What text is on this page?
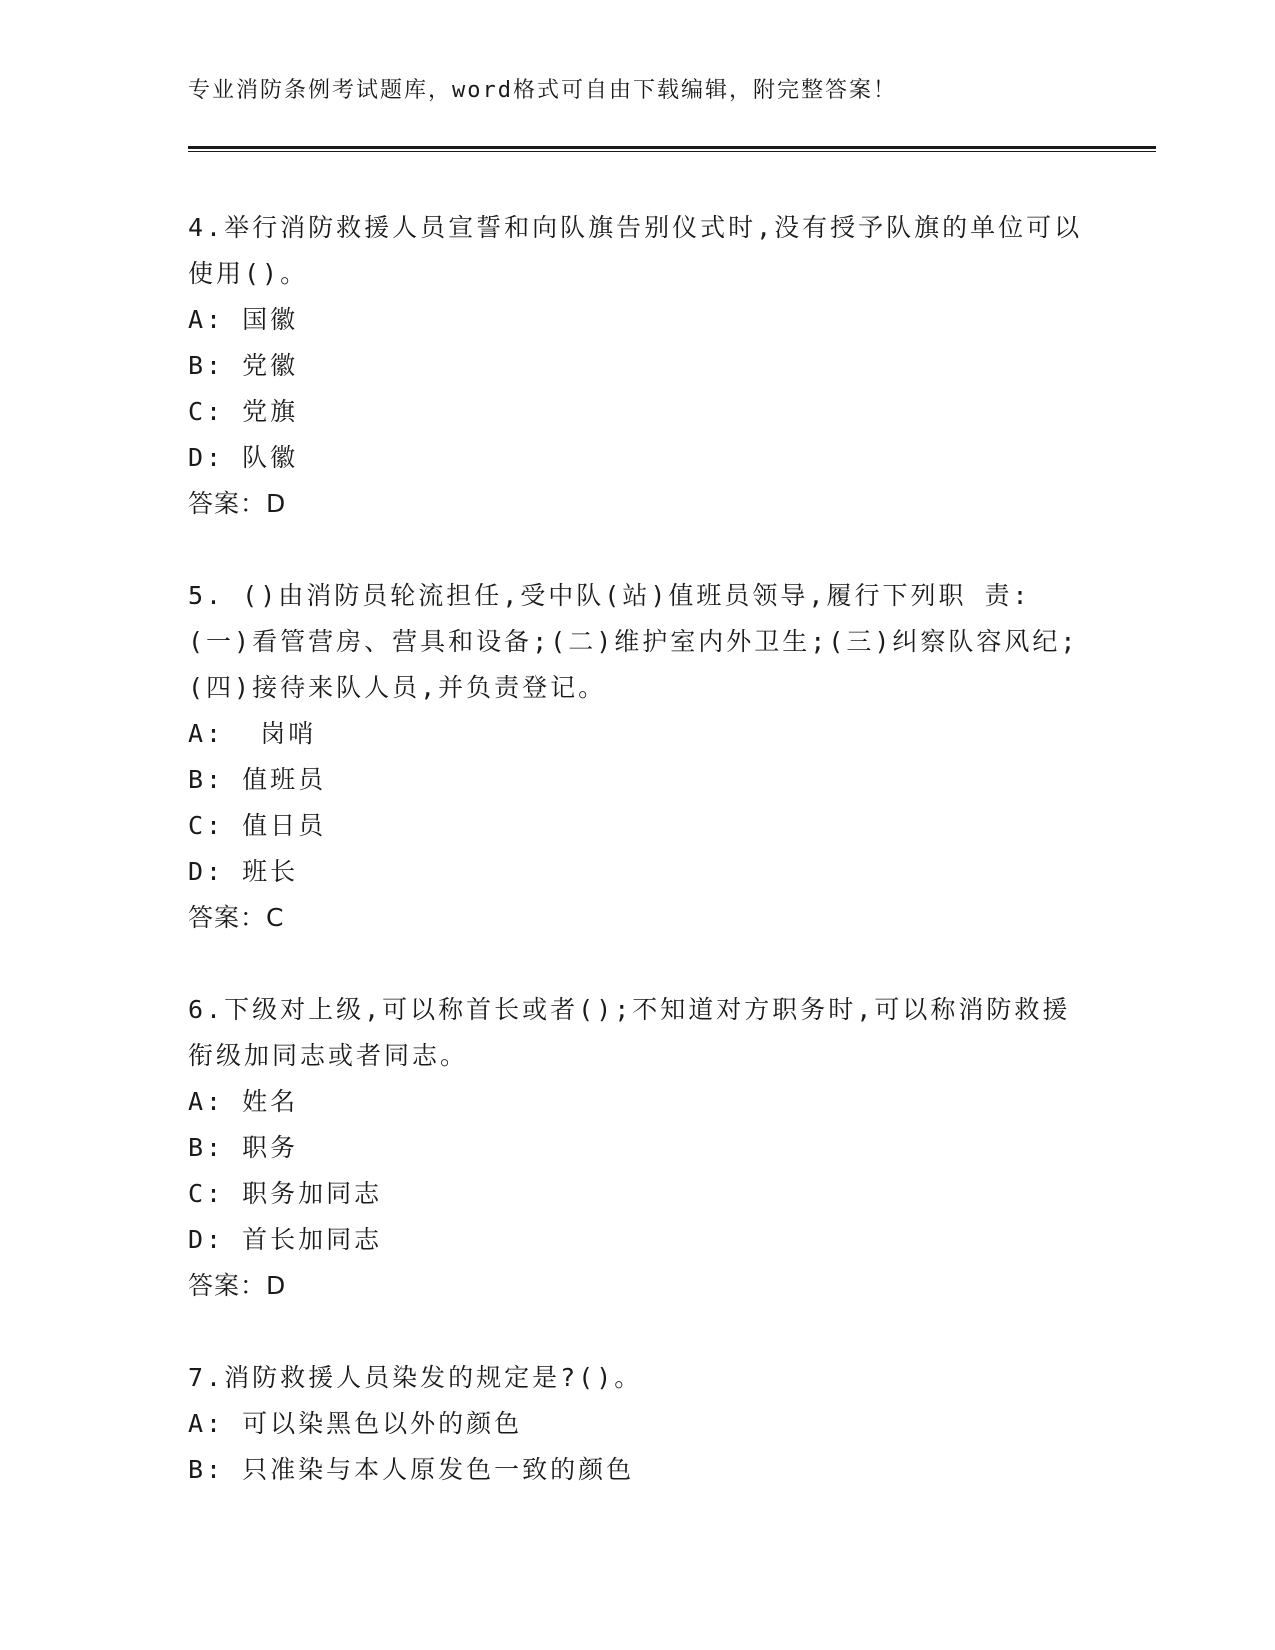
专业消防条例考试题库，word格式可自由下载编辑，附完整答案！

4.举行消防救援人员宣誓和向队旗告别仪式时,没有授予队旗的单位可以使用()。

A: 国徽
B: 党徽
C: 党旗
D: 队徽
答案：D

5. ()由消防员轮流担任,受中队(站)值班员领导,履行下列职 责:(一)看管营房、营具和设备;(二)维护室内外卫生;(三)纠察队容风纪;(四)接待来队人员,并负责登记。

A:  岗哨
B: 值班员
C: 值日员
D: 班长
答案：C

6.下级对上级,可以称首长或者();不知道对方职务时,可以称消防救援衔级加同志或者同志。

A: 姓名
B: 职务
C: 职务加同志
D: 首长加同志
答案：D

7.消防救援人员染发的规定是?()。

A: 可以染黑色以外的颜色
B: 只准染与本人原发色一致的颜色
